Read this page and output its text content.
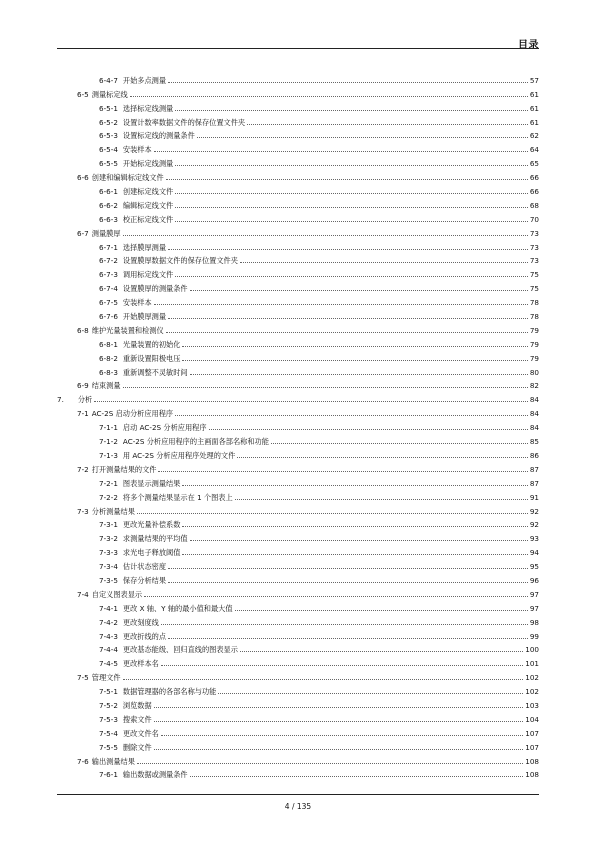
目录
6-4-7 开始多点测量	57
6-5 测量标定线	61
6-5-1 选择标定线测量	61
6-5-2 设置计数率数据文件的保存位置文件夹	61
6-5-3 设置标定线的测量条件	62
6-5-4 安装样本	64
6-5-5 开始标定线测量	65
6-6 创建和编辑标定线文件	66
6-6-1 创建标定线文件	66
6-6-2 编辑标定线文件	68
6-6-3 校正标定线文件	70
6-7 测量膜厚	73
6-7-1 选择膜厚测量	73
6-7-2 设置膜厚数据文件的保存位置文件夹	73
6-7-3 调用标定线文件	75
6-7-4 设置膜厚的测量条件	75
6-7-5 安装样本	78
6-7-6 开始膜厚测量	78
6-8 维护光量装置和检测仪	79
6-8-1 光量装置的初始化	79
6-8-2 重新设置阳极电压	79
6-8-3 重新调整不灵敏时间	80
6-9 结束测量	82
7. 分析	84
7-1 AC-2S 启动分析应用程序	84
7-1-1 启动 AC-2S 分析应用程序	84
7-1-2 AC-2S 分析应用程序的主画面各部名称和功能	85
7-1-3 用 AC-2S 分析应用程序处理的文件	86
7-2 打开测量结果的文件	87
7-2-1 图表显示测量结果	87
7-2-2 将多个测量结果显示在 1 个图表上	91
7-3 分析测量结果	92
7-3-1 更改光量补偿系数	92
7-3-2 求测量结果的平均值	93
7-3-3 求光电子释放阈值	94
7-3-4 估计状态密度	95
7-3-5 保存分析结果	96
7-4 自定义图表显示	97
7-4-1 更改 X 轴、Y 轴的最小值和最大值	97
7-4-2 更改刻度线	98
7-4-3 更改折线的点	99
7-4-4 更改基态能级、回归直线的图表显示	100
7-4-5 更改样本名	101
7-5 管理文件	102
7-5-1 数据管理器的各部名称与功能	102
7-5-2 浏览数据	103
7-5-3 搜索文件	104
7-5-4 更改文件名	107
7-5-5 删除文件	107
7-6 输出测量结果	108
7-6-1 输出数据或测量条件	108
4 / 135
